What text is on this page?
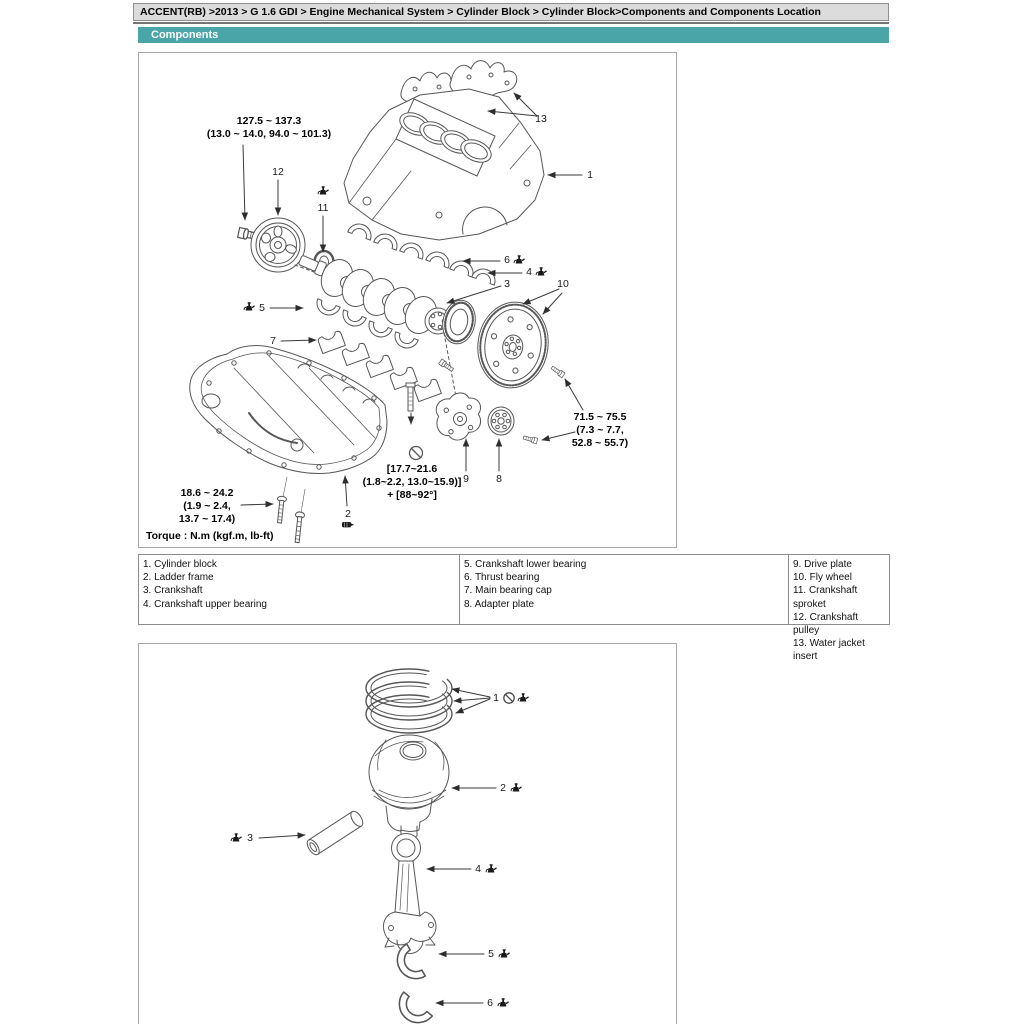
ACCENT(RB) >2013 > G 1.6 GDI > Engine Mechanical System > Cylinder Block > Cylinder Block>Components and Components Location
Components
127.5 ~ 137.3
(13.0 ~ 14.0, 94.0 ~ 101.3)
18.6 ~ 24.2
(1.9 ~ 2.4,
13.7 ~ 17.4)
[17.7~21.6
(1.8~2.2, 13.0~15.9)]
+ [88~92°]
71.5 ~ 75.5
(7.3 ~ 7.7,
52.8 ~ 55.7)
1
2
3
4
5
6
7
8
9
10
11
12
13
Torque : N.m (kgf.m, lb-ft)
1. Cylinder block
2. Ladder frame
3. Crankshaft
4. Crankshaft upper bearing
5. Crankshaft lower bearing
6. Thrust bearing
7. Main bearing cap
8. Adapter plate
9. Drive plate
10. Fly wheel
11. Crankshaft sproket
12. Crankshaft pulley
13. Water jacket insert
1
2
3
4
5
6
